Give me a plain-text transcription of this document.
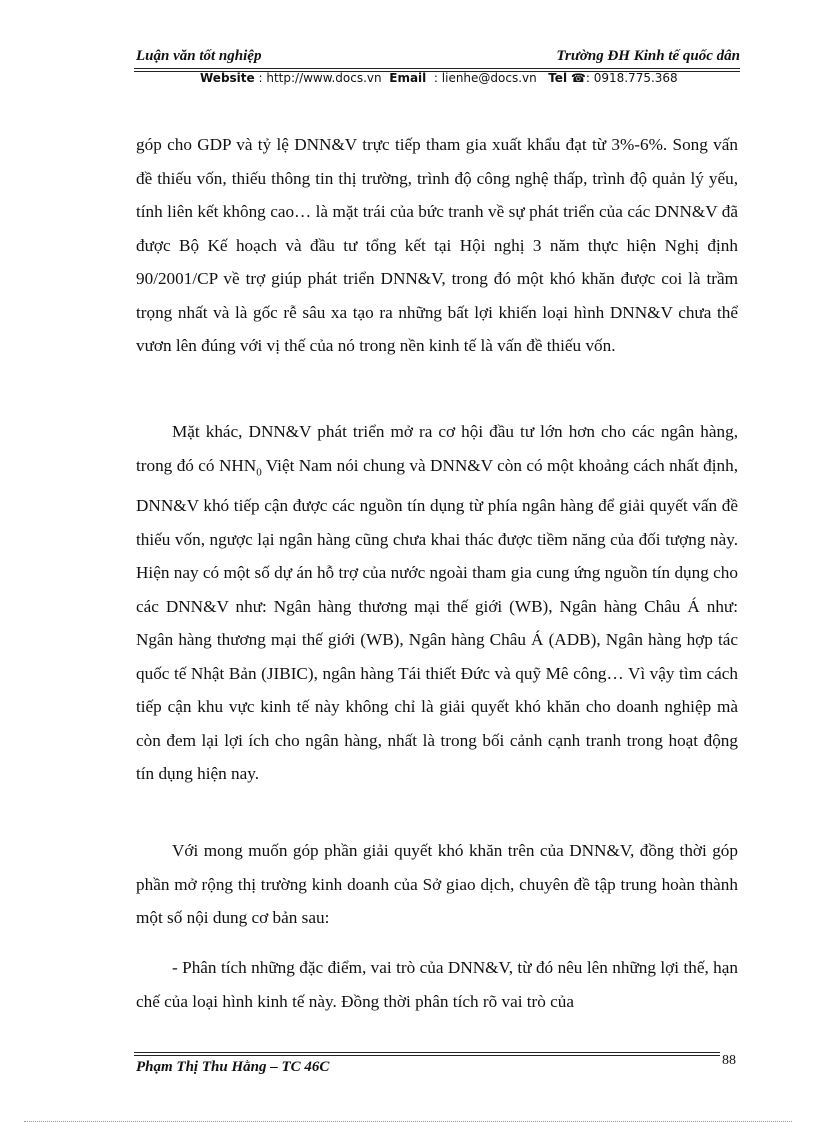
Luận văn tốt nghiệp	Trường ĐH Kinh tế quốc dân
Website : http://www.docs.vn Email : lienhe@docs.vn Tel ☎: 0918.775.368

góp cho GDP và tỷ lệ DNN&V trực tiếp tham gia xuất khẩu đạt từ 3%-6%. Song vấn đề thiếu vốn, thiếu thông tin thị trường, trình độ công nghệ thấp, trình độ quản lý yếu, tính liên kết không cao… là mặt trái của bức tranh về sự phát triển của các DNN&V đã được Bộ Kế hoạch và đầu tư tổng kết tại Hội nghị 3 năm thực hiện Nghị định 90/2001/CP về trợ giúp phát triển DNN&V, trong đó một khó khăn được coi là trầm trọng nhất và là gốc rễ sâu xa tạo ra những bất lợi khiến loại hình DNN&V chưa thể vươn lên đúng với vị thế của nó trong nền kinh tế là vấn đề thiếu vốn.

Mặt khác, DNN&V phát triển mở ra cơ hội đầu tư lớn hơn cho các ngân hàng, trong đó có $NHN_0$ Việt Nam nói chung và DNN&V còn có một khoảng cách nhất định, DNN&V khó tiếp cận được các nguồn tín dụng từ phía ngân hàng để giải quyết vấn đề thiếu vốn, ngược lại ngân hàng cũng chưa khai thác được tiềm năng của đối tượng này. Hiện nay có một số dự án hỗ trợ của nước ngoài tham gia cung ứng nguồn tín dụng cho các DNN&V như: Ngân hàng thương mại thế giới (WB), Ngân hàng Châu Á như: Ngân hàng thương mại thế giới (WB), Ngân hàng Châu Á (ADB), Ngân hàng hợp tác quốc tế Nhật Bản (JIBIC), ngân hàng Tái thiết Đức và quỹ Mê công… Vì vậy tìm cách tiếp cận khu vực kinh tế này không chỉ là giải quyết khó khăn cho doanh nghiệp mà còn đem lại lợi ích cho ngân hàng, nhất là trong bối cảnh cạnh tranh trong hoạt động tín dụng hiện nay.

Với mong muốn góp phần giải quyết khó khăn trên của DNN&V, đồng thời góp phần mở rộng thị trường kinh doanh của Sở giao dịch, chuyên đề tập trung hoàn thành một số nội dung cơ bản sau:

- Phân tích những đặc điểm, vai trò của DNN&V, từ đó nêu lên những lợi thế, hạn chế của loại hình kinh tế này. Đồng thời phân tích rõ vai trò của

Phạm Thị Thu Hằng – TC 46C	88
